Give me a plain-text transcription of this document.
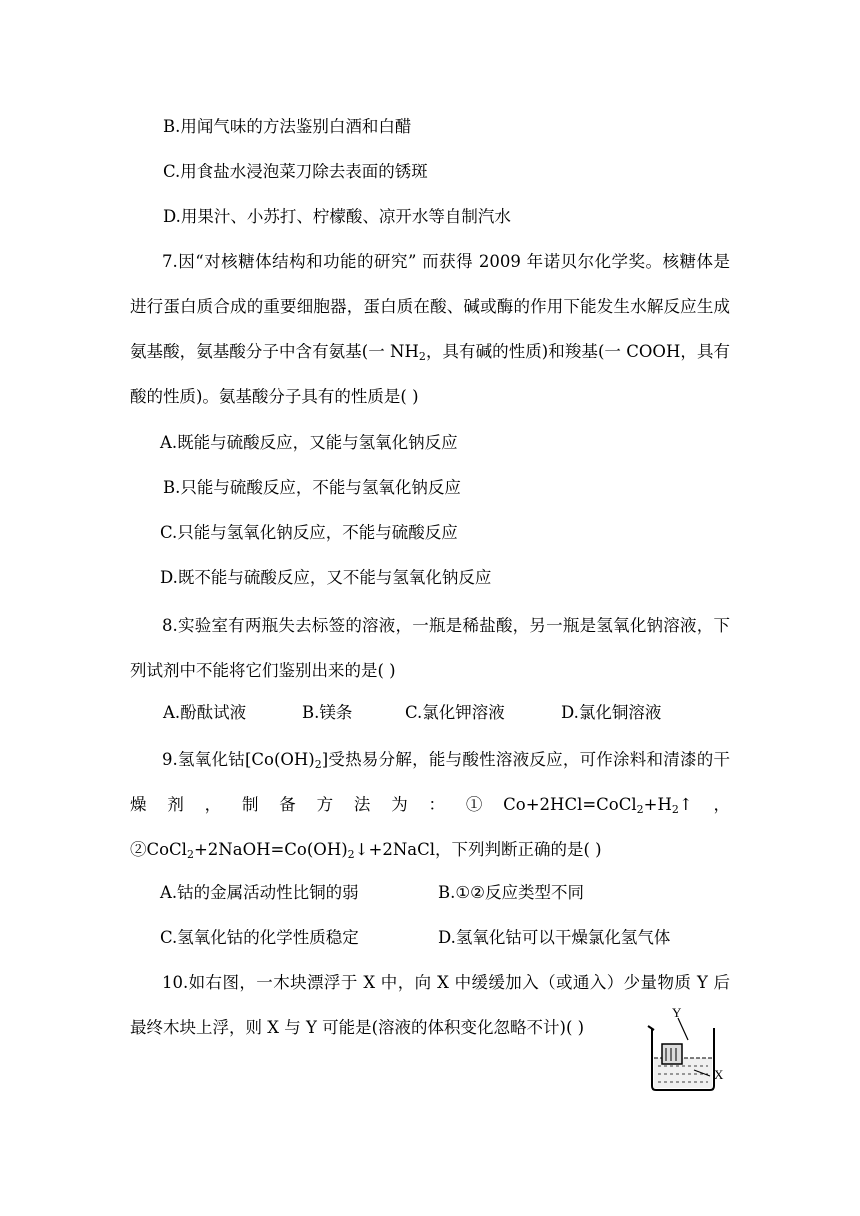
B.用闻气味的方法鉴别白酒和白醋
C.用食盐水浸泡菜刀除去表面的锈斑
D.用果汁、小苏打、柠檬酸、凉开水等自制汽水
7.因“对核糖体结构和功能的研究” 而获得 2009 年诺贝尔化学奖。核糖体是进行蛋白质合成的重要细胞器，蛋白质在酸、碱或酶的作用下能发生水解反应生成氨基酸，氨基酸分子中含有氨基(一 $NH_2$，具有碱的性质)和羧基(一 COOH，具有酸的性质)。氨基酸分子具有的性质是( )
A.既能与硫酸反应，又能与氢氧化钠反应
B.只能与硫酸反应，不能与氢氧化钠反应
C.只能与氢氧化钠反应，不能与硫酸反应
D.既不能与硫酸反应，又不能与氢氧化钠反应
8.实验室有两瓶失去标签的溶液，一瓶是稀盐酸，另一瓶是氢氧化钠溶液，下列试剂中不能将它们鉴别出来的是( )
A.酚酞试液	B.镁条	C.氯化钾溶液	D.氯化铜溶液
9.氢氧化钴$[Co(OH)_2]$受热易分解，能与酸性溶液反应，可作涂料和清漆的干燥剂，制备方法为：$①Co+2HCl=CoCl_2+H_2↑$，$②CoCl_2+2NaOH=Co(OH)_2↓+2NaCl$，下列判断正确的是( )
A.钴的金属活动性比铜的弱	B.①②反应类型不同
C.氢氧化钴的化学性质稳定	D.氢氧化钴可以干燥氯化氢气体
10.如右图，一木块漂浮于 X 中，向 X 中缓缓加入（或通入）少量物质 Y 后最终木块上浮，则 X 与 Y 可能是(溶液的体积变化忽略不计)( )
Y
X
